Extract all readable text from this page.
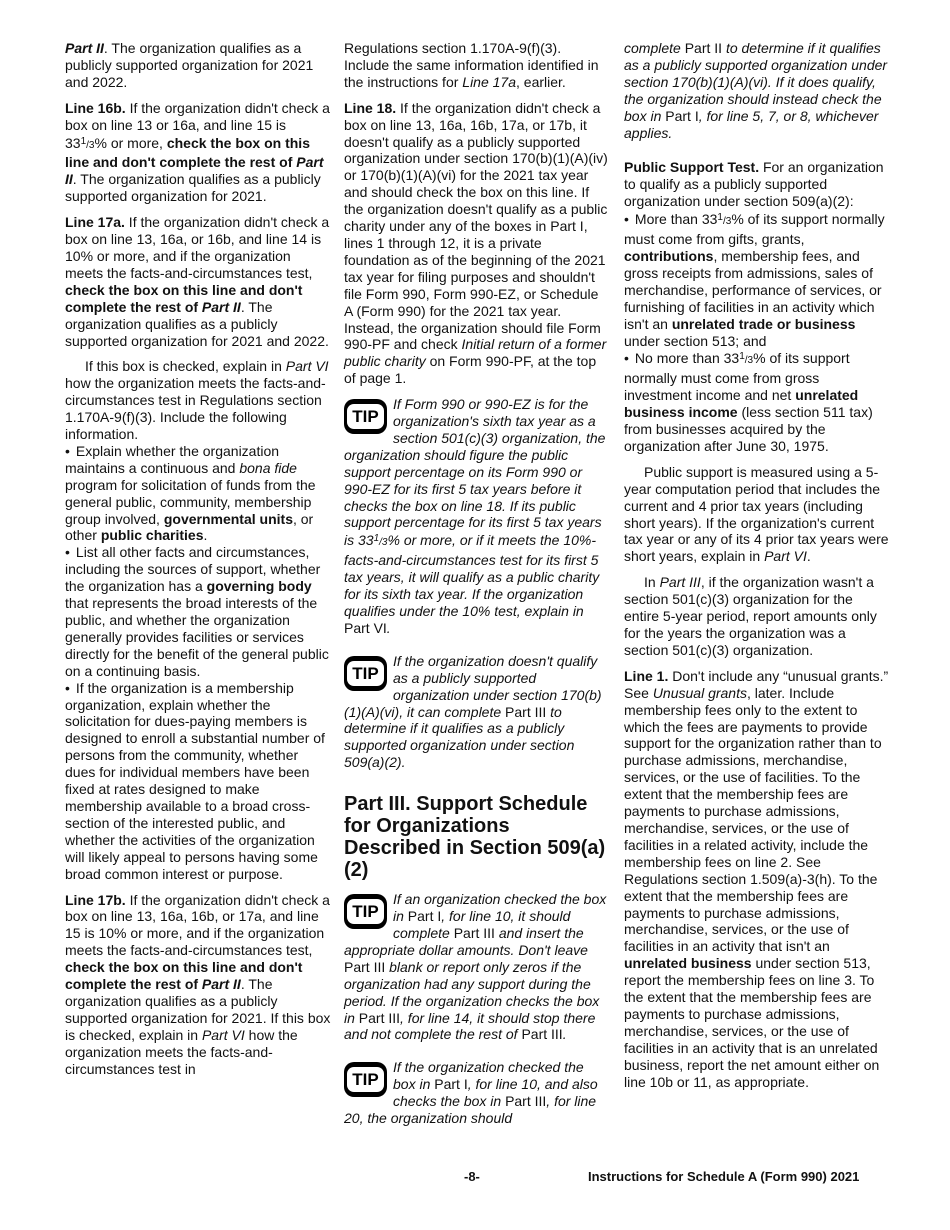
Part II. The organization qualifies as a publicly supported organization for 2021 and 2022.

Line 16b. If the organization didn't check a box on line 13 or 16a, and line 15 is $33^1/3\%$ or more, check the box on this line and don't complete the rest of Part II. The organization qualifies as a publicly supported organization for 2021.

Line 17a. If the organization didn't check a box on line 13, 16a, or 16b, and line 14 is 10% or more, and if the organization meets the facts-and-circumstances test, check the box on this line and don't complete the rest of Part II. The organization qualifies as a publicly supported organization for 2021 and 2022.

If this box is checked, explain in Part VI how the organization meets the facts-and-circumstances test in Regulations section 1.170A-9(f)(3). Include the following information.

• Explain whether the organization maintains a continuous and bona fide program for solicitation of funds from the general public, community, membership group involved, governmental units, or other public charities.

• List all other facts and circumstances, including the sources of support, whether the organization has a governing body that represents the broad interests of the public, and whether the organization generally provides facilities or services directly for the benefit of the general public on a continuing basis.

• If the organization is a membership organization, explain whether the solicitation for dues-paying members is designed to enroll a substantial number of persons from the community, whether dues for individual members have been fixed at rates designed to make membership available to a broad cross-section of the interested public, and whether the activities of the organization will likely appeal to persons having some broad common interest or purpose.

Line 17b. If the organization didn't check a box on line 13, 16a, 16b, or 17a, and line 15 is 10% or more, and if the organization meets the facts-and-circumstances test, check the box on this line and don't complete the rest of Part II. The organization qualifies as a publicly supported organization for 2021. If this box is checked, explain in Part VI how the organization meets the facts-and-circumstances test in

Regulations section 1.170A-9(f)(3). Include the same information identified in the instructions for Line 17a, earlier.

Line 18. If the organization didn't check a box on line 13, 16a, 16b, 17a, or 17b, it doesn't qualify as a publicly supported organization under section 170(b)(1)(A)(iv) or 170(b)(1)(A)(vi) for the 2021 tax year and should check the box on this line. If the organization doesn't qualify as a public charity under any of the boxes in Part I, lines 1 through 12, it is a private foundation as of the beginning of the 2021 tax year for filing purposes and shouldn't file Form 990, Form 990-EZ, or Schedule A (Form 990) for the 2021 tax year. Instead, the organization should file Form 990-PF and check Initial return of a former public charity on Form 990-PF, at the top of page 1.

TIP
If Form 990 or 990-EZ is for the organization's sixth tax year as a section 501(c)(3) organization, the organization should figure the public support percentage on its Form 990 or 990-EZ for its first 5 tax years before it checks the box on line 18. If its public support percentage for its first 5 tax years is $33^1/3\%$ or more, or if it meets the 10%-facts-and-circumstances test for its first 5 tax years, it will qualify as a public charity for its sixth tax year. If the organization qualifies under the 10% test, explain in Part VI.
TIP
If the organization doesn't qualify as a publicly supported organization under section 170(b)(1)(A)(vi), it can complete Part III to determine if it qualifies as a publicly supported organization under section 509(a)(2).
Part III. Support Schedule for Organizations Described in Section 509(a)(2)
TIP
If an organization checked the box in Part I, for line 10, it should complete Part III and insert the appropriate dollar amounts. Don't leave Part III blank or report only zeros if the organization had any support during the period. If the organization checks the box in Part III, for line 14, it should stop there and not complete the rest of Part III.
TIP
If the organization checked the box in Part I, for line 10, and also checks the box in Part III, for line 20, the organization should

complete Part II to determine if it qualifies as a publicly supported organization under section 170(b)(1)(A)(vi). If it does qualify, the organization should instead check the box in Part I, for line 5, 7, or 8, whichever applies.

Public Support Test. For an organization to qualify as a publicly supported organization under section 509(a)(2):

• More than $33^1/3\%$ of its support normally must come from gifts, grants, contributions, membership fees, and gross receipts from admissions, sales of merchandise, performance of services, or furnishing of facilities in an activity which isn't an unrelated trade or business under section 513; and

• No more than $33^1/3\%$ of its support normally must come from gross investment income and net unrelated business income (less section 511 tax) from businesses acquired by the organization after June 30, 1975.

Public support is measured using a 5-year computation period that includes the current and 4 prior tax years (including short years). If the organization's current tax year or any of its 4 prior tax years were short years, explain in Part VI.

In Part III, if the organization wasn't a section 501(c)(3) organization for the entire 5-year period, report amounts only for the years the organization was a section 501(c)(3) organization.

Line 1. Don't include any “unusual grants.” See Unusual grants, later. Include membership fees only to the extent to which the fees are payments to provide support for the organization rather than to purchase admissions, merchandise, services, or the use of facilities. To the extent that the membership fees are payments to purchase admissions, merchandise, services, or the use of facilities in a related activity, include the membership fees on line 2. See Regulations section 1.509(a)-3(h). To the extent that the membership fees are payments to purchase admissions, merchandise, services, or the use of facilities in an activity that isn't an unrelated business under section 513, report the membership fees on line 3. To the extent that the membership fees are payments to purchase admissions, merchandise, services, or the use of facilities in an activity that is an unrelated business, report the net amount either on line 10b or 11, as appropriate.

-8-	Instructions for Schedule A (Form 990) 2021
